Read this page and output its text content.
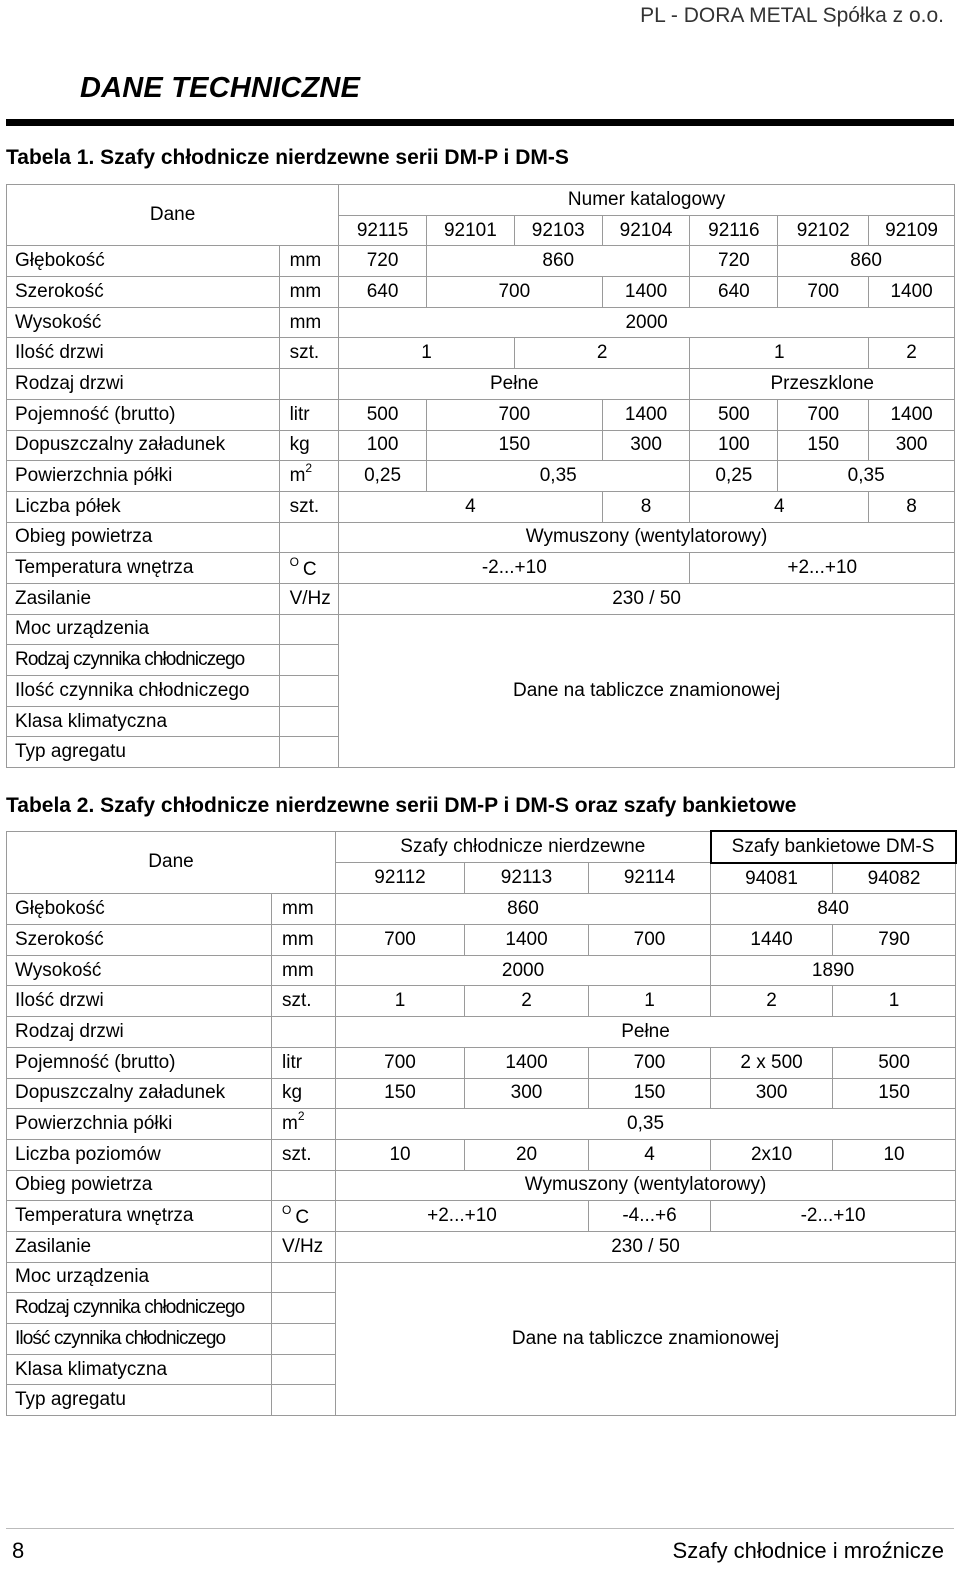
PL - DORA METAL Spółka z o.o.
DANE TECHNICZNE
Tabela 1. Szafy chłodnicze nierdzewne serii DM-P i DM-S
Dane		Numer katalogowy						
		92115	92101	92103	92104	92116	92102	92109
Głębokość	mm	720	860			720	860	
Szerokość	mm	640	700		1400	640	700	1400
Wysokość	mm	2000						
Ilość drzwi	szt.	1		2		1		2
Rodzaj drzwi		Pełne				Przeszklone		
Pojemność (brutto)	litr	500	700		1400	500	700	1400
Dopuszczalny załadunek	kg	100	150		300	100	150	300
Powierzchnia półki	$m^2$	0,25	0,35			0,25	0,35	
Liczba półek	szt.	4			8	4		8
Obieg powietrza		Wymuszony (wentylatorowy)						
Temperatura wnętrza	$^O$ C	-2...+10				+2...+10		
Zasilanie	V/Hz	230 / 50						
Moc urządzenia		Dane na tabliczce znamionowej						
Rodzaj czynnika chłodniczego								
Ilość czynnika chłodniczego								
Klasa klimatyczna								
Typ agregatu								
Tabela 2. Szafy chłodnicze nierdzewne serii DM-P i DM-S oraz szafy bankietowe
Dane		Szafy chłodnicze nierdzewne			Szafy bankietowe DM-S	
		92112	92113	92114	94081	94082
Głębokość	mm	860			840	
Szerokość	mm	700	1400	700	1440	790
Wysokość	mm	2000			1890	
Ilość drzwi	szt.	1	2	1	2	1
Rodzaj drzwi		Pełne				
Pojemność (brutto)	litr	700	1400	700	2 x 500	500
Dopuszczalny załadunek	kg	150	300	150	300	150
Powierzchnia półki	$m^2$	0,35				
Liczba poziomów	szt.	10	20	4	2x10	10
Obieg powietrza		Wymuszony (wentylatorowy)				
Temperatura wnętrza	$^O$ C	+2...+10		-4...+6	-2...+10	
Zasilanie	V/Hz	230 / 50				
Moc urządzenia		Dane na tabliczce znamionowej				
Rodzaj czynnika chłodniczego						
Ilość czynnika chłodniczego						
Klasa klimatyczna						
Typ agregatu						
8	Szafy chłodnice i mroźnicze
